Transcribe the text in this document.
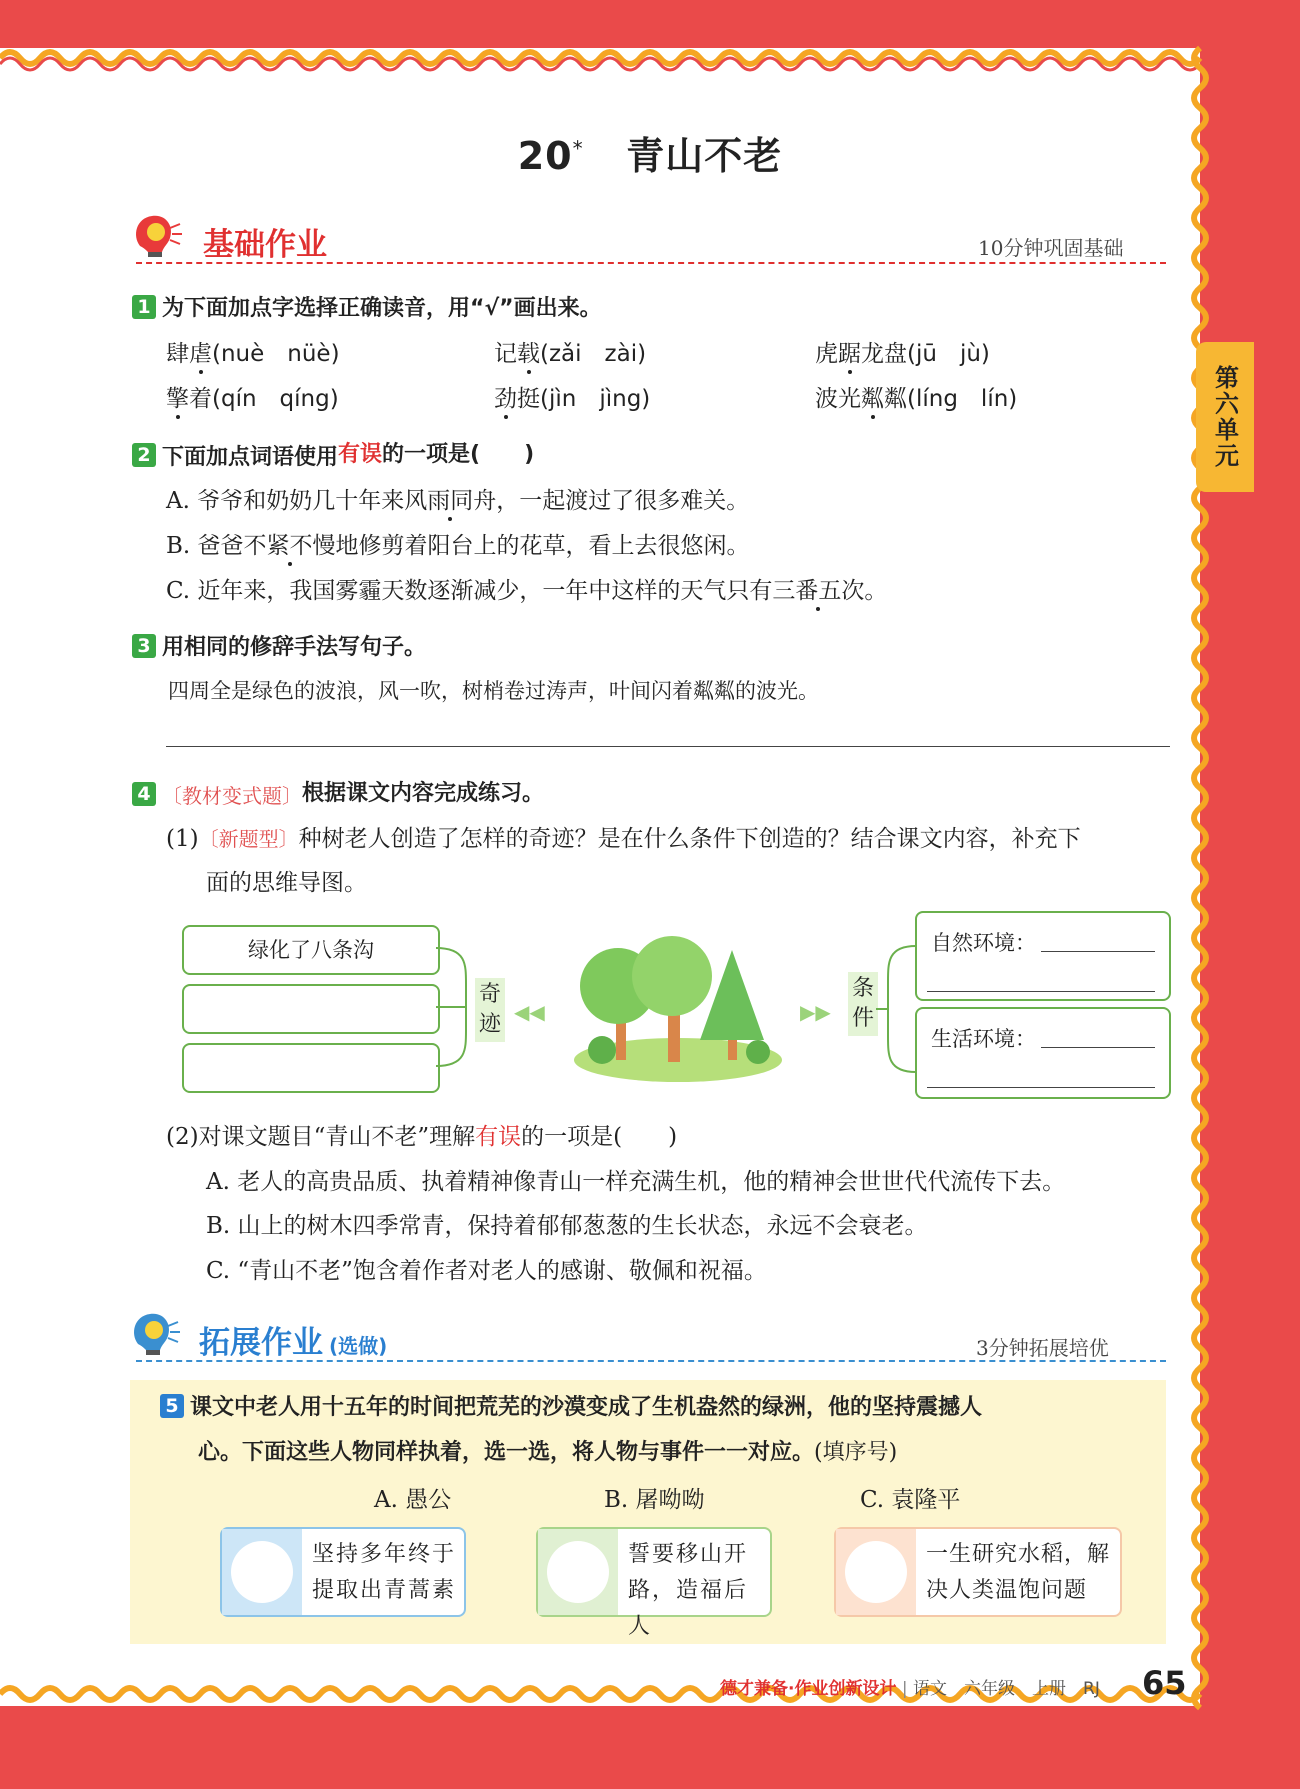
第六单元
20* 青山不老
基础作业	10分钟巩固基础
1 为下面加点字选择正确读音，用“√”画出来。
肆虐(nuè　nüè)	记载(zǎi　zài)	虎踞龙盘(jū　jù)
擎着(qín　qíng)	劲挺(jìn　jìng)	波光粼粼(líng　lín)
2 下面加点词语使用有误的一项是(　　)
A. 爷爷和奶奶几十年来风雨同舟，一起渡过了很多难关。
B. 爸爸不紧不慢地修剪着阳台上的花草，看上去很悠闲。
C. 近年来，我国雾霾天数逐渐减少，一年中这样的天气只有三番五次。
3 用相同的修辞手法写句子。
四周全是绿色的波浪，风一吹，树梢卷过涛声，叶间闪着粼粼的波光。
4 〔教材变式题〕根据课文内容完成练习。
(1)〔新题型〕种树老人创造了怎样的奇迹？是在什么条件下创造的？结合课文内容，补充下
面的思维导图。
绿化了八条沟
奇迹 ◀◀	▶▶
条件
自然环境：
生活环境：
(2)对课文题目“青山不老”理解有误的一项是(　　)
A. 老人的高贵品质、执着精神像青山一样充满生机，他的精神会世世代代流传下去。
B. 山上的树木四季常青，保持着郁郁葱葱的生长状态，永远不会衰老。
C. “青山不老”饱含着作者对老人的感谢、敬佩和祝福。
拓展作业 (选做)	3分钟拓展培优
5 课文中老人用十五年的时间把荒芜的沙漠变成了生机盎然的绿洲，他的坚持震撼人
心。下面这些人物同样执着，选一选，将人物与事件一一对应。(填序号)
A. 愚公	B. 屠呦呦	C. 袁隆平
坚持多年终于
提取出青蒿素
誓要移山开
路，造福后人
一生研究水稻，解
决人类温饱问题
德才兼备·作业创新设计 | 语文　六年级　上册　RJ 65
